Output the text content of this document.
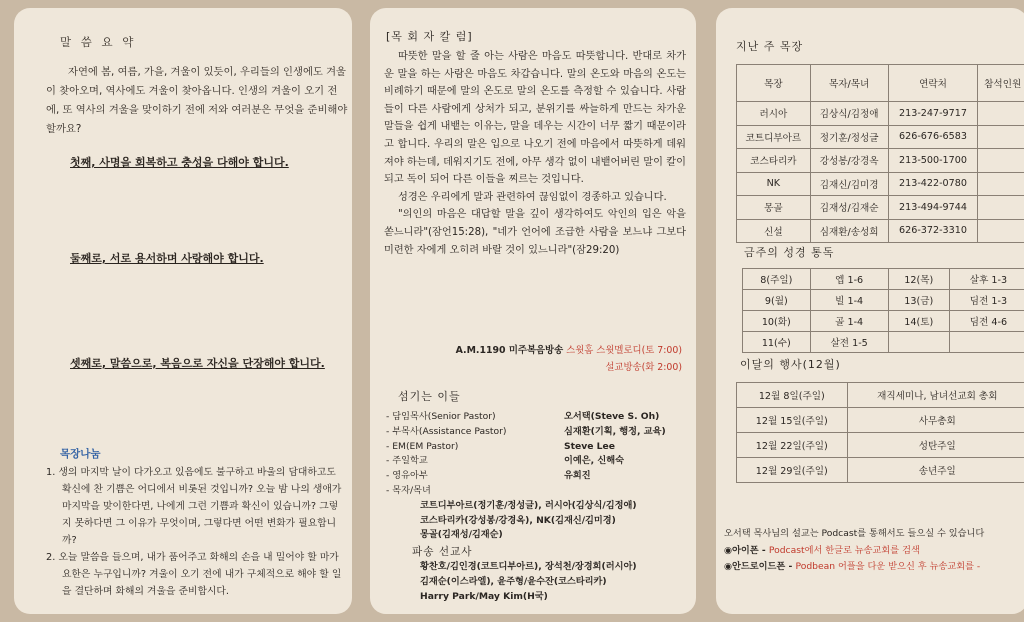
말 씀 요 약
자연에 봄, 여름, 가을, 겨울이 있듯이, 우리들의 인생에도 겨울이 찾아오며, 역사에도 겨울이 찾아옵니다. 인생의 겨울이 오기 전에, 또 역사의 겨울을 맞이하기 전에 저와 여러분은 무엇을 준비해야 할까요?
첫째, 사명을 회복하고 충성을 다해야 합니다.
둘째로, 서로 용서하며 사랑해야 합니다.
셋째로, 말씀으로, 복음으로 자신을 단장해야 합니다.
목장나눔
1. 생의 마지막 날이 다가오고 있음에도 불구하고 바울의 담대하고도 확신에 찬 기쁨은 어디에서 비롯된 것입니까? 오늘 밤 나의 생애가 마지막을 맞이한다면, 나에게 그런 기쁨과 확신이 있습니까? 그렇지 못하다면 그 이유가 무엇이며, 그렇다면 어떤 변화가 필요합니까?
2. 오늘 말씀을 들으며, 내가 품어주고 화해의 손을 내 밀어야 할 마가요한은 누구입니까? 겨울이 오기 전에 내가 구체적으로 해야 할 일을 결단하며 화해의 겨울을 준비합시다.
[목 회 자 칼 럼]

따뜻한 말을 할 줄 아는 사람은 마음도 따뜻합니다. 반대로 차가운 말을 하는 사람은 마음도 차갑습니다. 말의 온도와 마음의 온도는 비례하기 때문에 말의 온도로 말의 온도를 측정할 수 있습니다. 사람들이 다른 사람에게 상처가 되고, 분위기를 싸늘하게 만드는 차가운 말들을 쉽게 내뱉는 이유는, 말을 데우는 시간이 너무 짧기 때문이라고 합니다. 우리의 말은 입으로 나오기 전에 마음에서 따뜻하게 데워져야 하는데, 데워지기도 전에, 아무 생각 없이 내뱉어버린 말이 칼이 되고 독이 되어 다른 이들을 찌르는 것입니다.

성경은 우리에게 말과 관련하여 끊임없이 경종하고 있습니다.

"의인의 마음은 대답할 말을 깊이 생각하여도 악인의 입은 악을 쏟느니라"(잠언15:28), "네가 언어에 조급한 사람을 보느냐 그보다 미련한 자에게 오히려 바랄 것이 있느니라"(잠29:20)

A.M.1190 미주복음방송 스윗홈 스윗멜로디(토 7:00)
설교방송(화 2:00)
섬기는 이들
- 담임목사(Senior Pastor)	오서택(Steve S. Oh)
- 부목사(Assistance Pastor)	심재환(기획, 행정, 교육)
- EM(EM Pastor)	Steve Lee
- 주일학교	이예은, 신해숙
- 영유아부	유희진
- 목자/목녀
코트디부아르(정기훈/정성글), 러시아(김상식/김정애)
코스타리카(강성봉/강경옥), NK(김재신/김미경)
몽골(김재성/김재순)
파송 선교사
황찬호/김인경(코트디부아르), 장석천/장경희(러시아)
김재순(이스라엘), 윤주형/윤수잔(코스타리카)
Harry Park/May Kim(H국)
지난 주 목장
목장	목자/목녀	연락처	참석인원
러시아	김상식/김정애	213-247-9717	
코트디부아르	정기훈/정성글	626-676-6583	
코스타리카	강성봉/강경옥	213-500-1700	
NK	김재신/김미경	213-422-0780	
몽골	김재성/김재순	213-494-9744	
신설	심재환/송성희	626-372-3310	
금주의 성경 통독
8(주일)	엡 1-6	12(목)	살후 1-3
9(월)	빌 1-4	13(금)	딤전 1-3
10(화)	골 1-4	14(토)	딤전 4-6
11(수)	살전 1-5		
이달의 행사(12월)
12월 8일(주일)	재직세미나, 남녀선교회 총회
12월 15일(주일)	사무총회
12월 22일(주일)	성탄주일
12월 29일(주일)	송년주일
오서택 목사님의 설교는 Podcast를 통해서도 들으실 수 있습니다
◉아이폰 - Podcast에서 한글로 뉴송교회를 검색
◉안드로이드폰 - Podbean 어플을 다운 받으신 후 뉴송교회를 -
